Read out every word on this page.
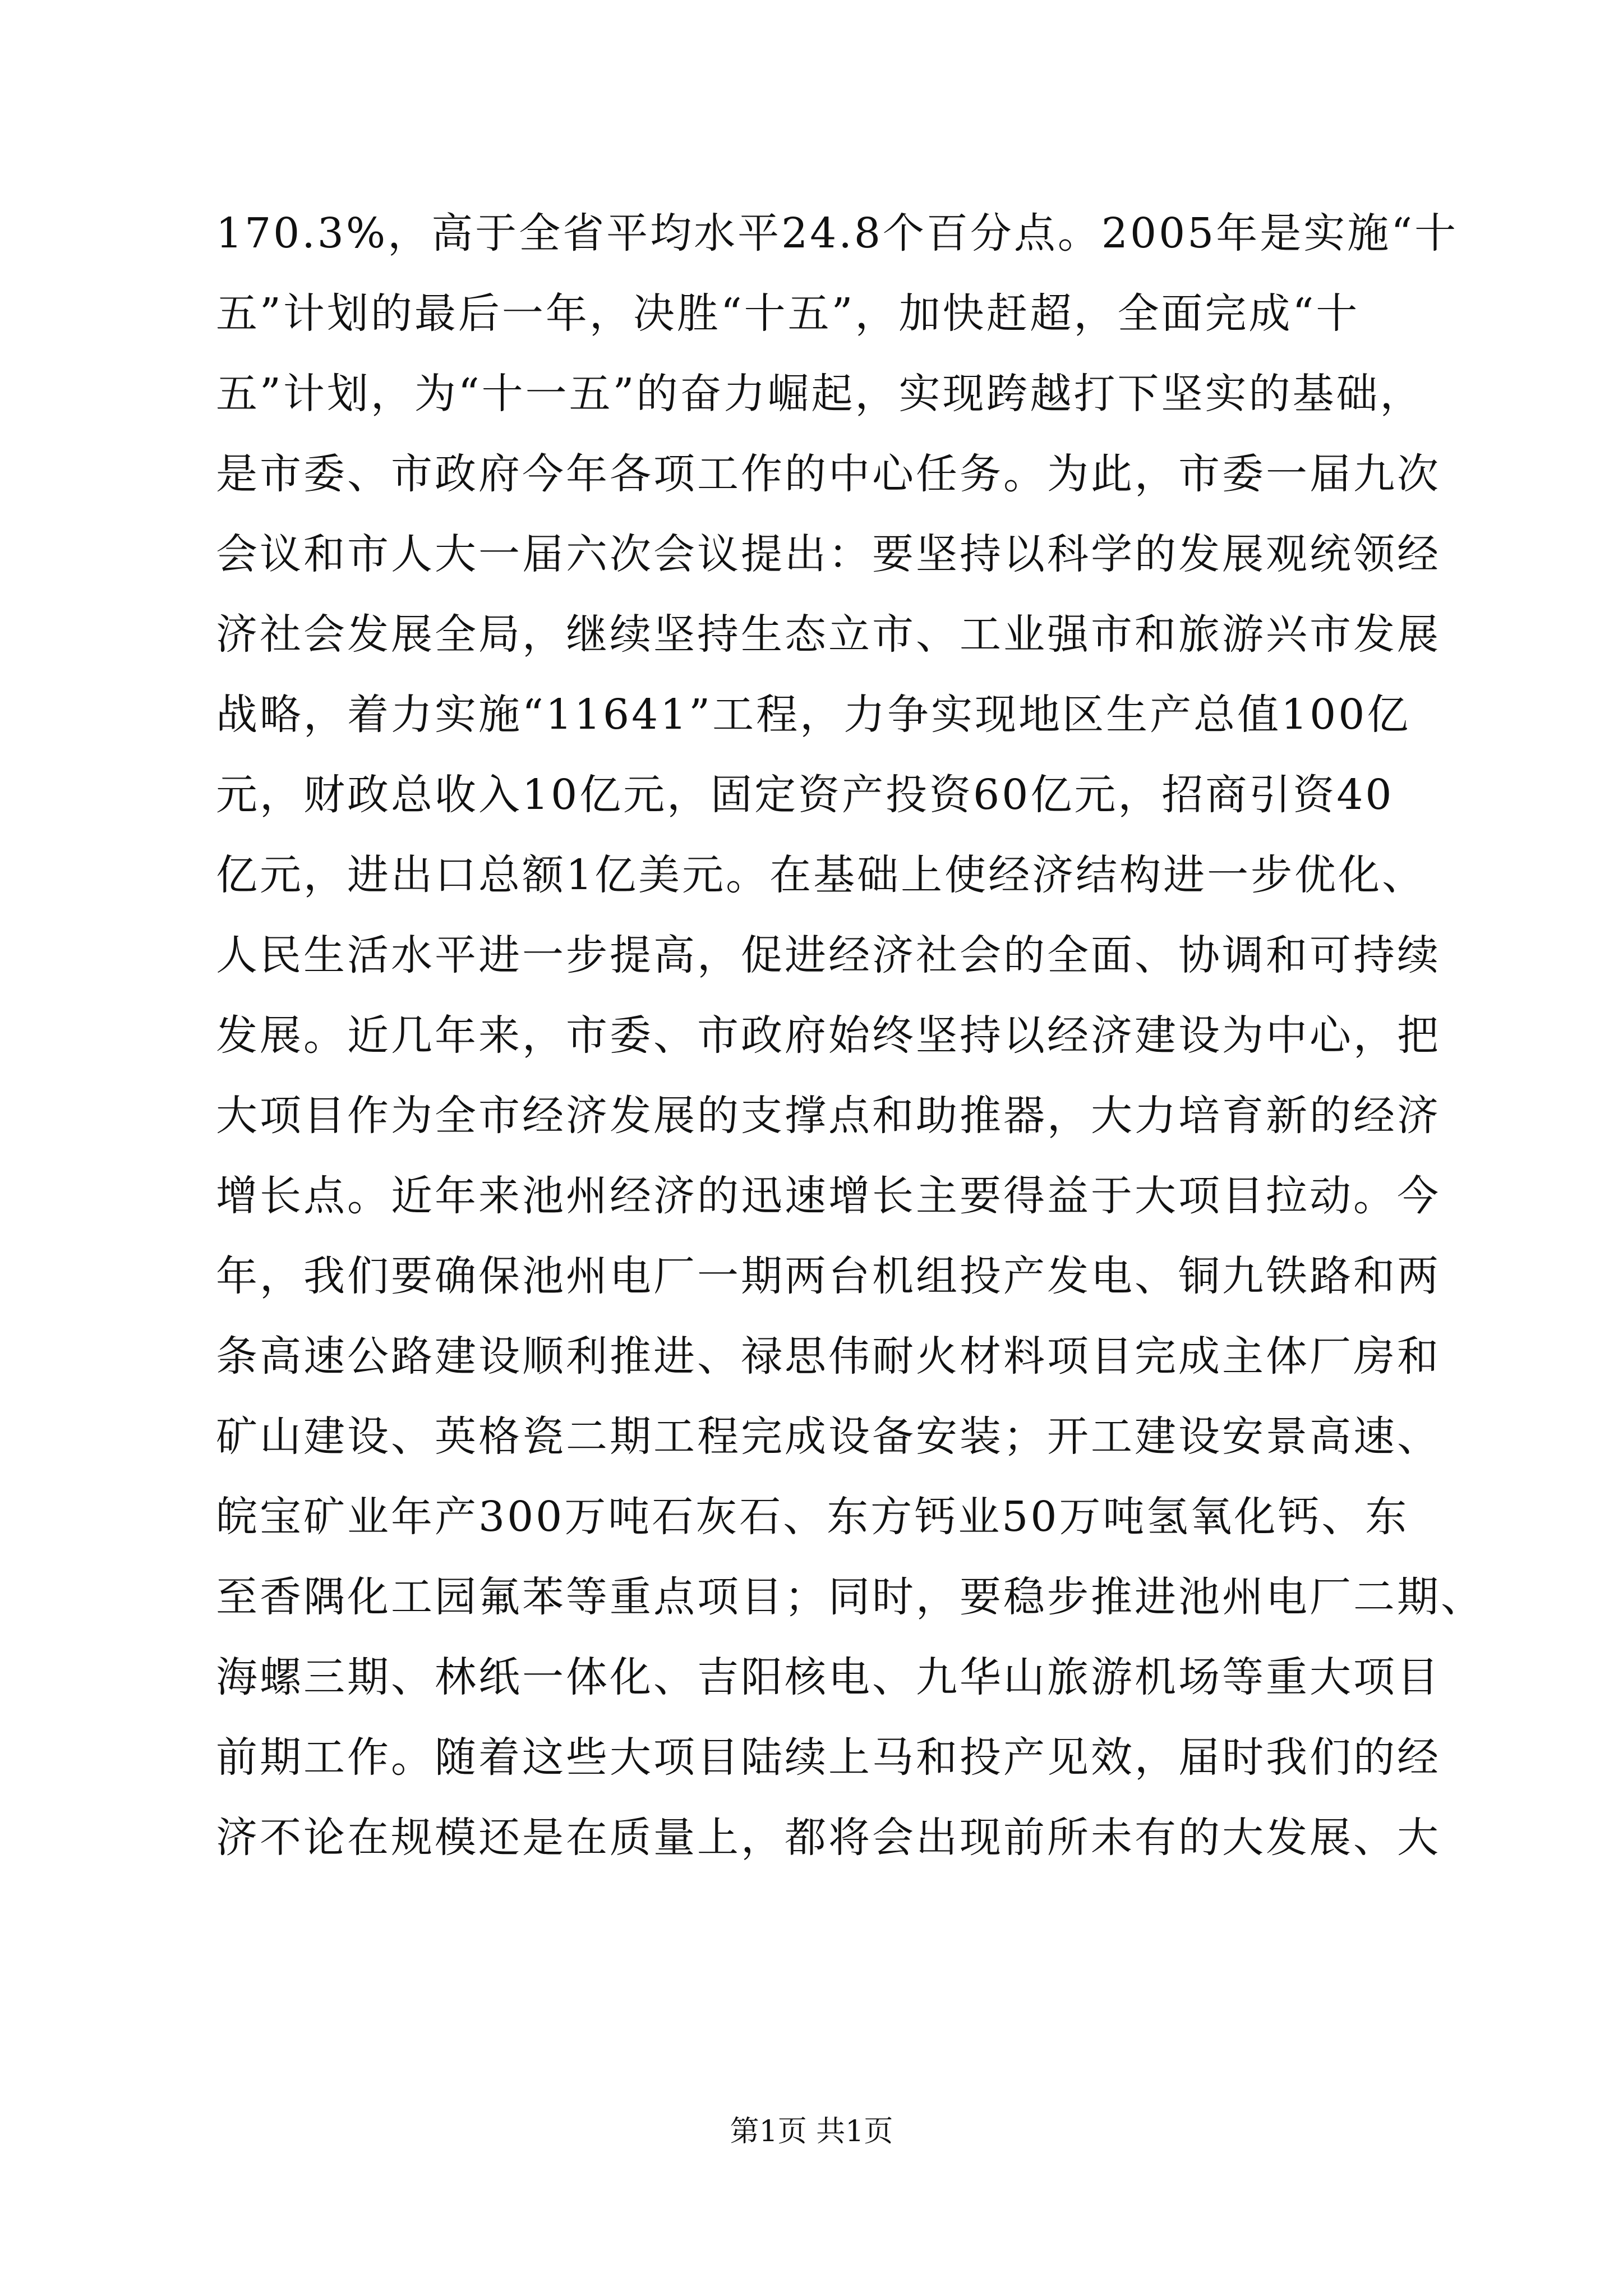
170.3%，高于全省平均水平24.8个百分点。2005年是实施“十
五”计划的最后一年，决胜“十五”，加快赶超，全面完成“十
五”计划，为“十一五”的奋力崛起，实现跨越打下坚实的基础，
是市委、市政府今年各项工作的中心任务。为此，市委一届九次
会议和市人大一届六次会议提出：要坚持以科学的发展观统领经
济社会发展全局，继续坚持生态立市、工业强市和旅游兴市发展
战略，着力实施“11641”工程，力争实现地区生产总值100亿
元，财政总收入10亿元，固定资产投资60亿元，招商引资40
亿元，进出口总额1亿美元。在基础上使经济结构进一步优化、
人民生活水平进一步提高，促进经济社会的全面、协调和可持续
发展。近几年来，市委、市政府始终坚持以经济建设为中心，把
大项目作为全市经济发展的支撑点和助推器，大力培育新的经济
增长点。近年来池州经济的迅速增长主要得益于大项目拉动。今
年，我们要确保池州电厂一期两台机组投产发电、铜九铁路和两
条高速公路建设顺利推进、禄思伟耐火材料项目完成主体厂房和
矿山建设、英格瓷二期工程完成设备安装；开工建设安景高速、
皖宝矿业年产300万吨石灰石、东方钙业50万吨氢氧化钙、东
至香隅化工园氟苯等重点项目；同时，要稳步推进池州电厂二期、
海螺三期、林纸一体化、吉阳核电、九华山旅游机场等重大项目
前期工作。随着这些大项目陆续上马和投产见效，届时我们的经
济不论在规模还是在质量上，都将会出现前所未有的大发展、大
第1页 共1页
